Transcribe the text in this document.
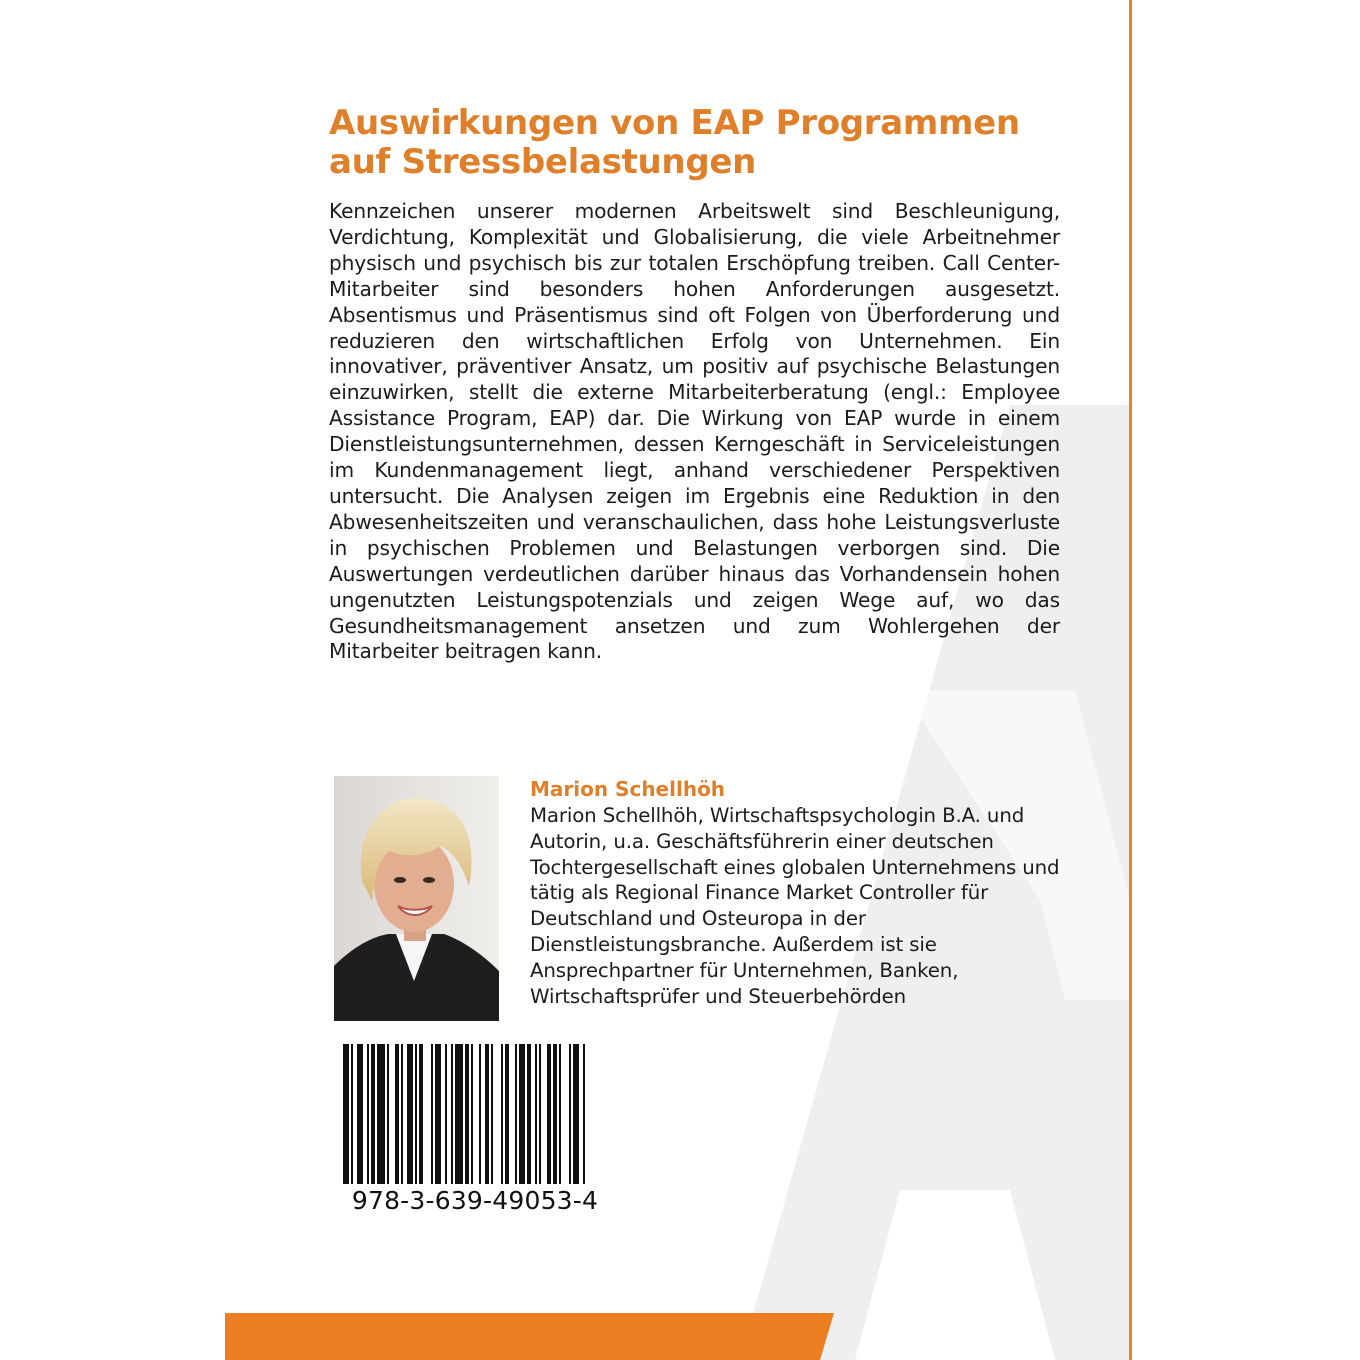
Auswirkungen von EAP Programmen
auf Stressbelastungen

Kennzeichen unserer modernen Arbeitswelt sind Beschleunigung, Verdichtung, Komplexität und Globalisierung, die viele Arbeitnehmer physisch und psychisch bis zur totalen Erschöpfung treiben. Call Center-Mitarbeiter sind besonders hohen Anforderungen ausgesetzt. Absentismus und Präsentismus sind oft Folgen von Überforderung und reduzieren den wirtschaftlichen Erfolg von Unternehmen. Ein innovativer, präventiver Ansatz, um positiv auf psychische Belastungen einzuwirken, stellt die externe Mitarbeiterberatung (engl.: Employee Assistance Program, EAP) dar. Die Wirkung von EAP wurde in einem Dienstleistungsunternehmen, dessen Kerngeschäft in Serviceleistungen im Kundenmanagement liegt, anhand verschiedener Perspektiven untersucht. Die Analysen zeigen im Ergebnis eine Reduktion in den Abwesenheitszeiten und veranschaulichen, dass hohe Leistungsverluste in psychischen Problemen und Belastungen verborgen sind. Die Auswertungen verdeutlichen darüber hinaus das Vorhandensein hohen ungenutzten Leistungspotenzials und zeigen Wege auf, wo das Gesundheitsmanagement ansetzen und zum Wohlergehen der Mitarbeiter beitragen kann.

Marion Schellhöh

Marion Schellhöh, Wirtschaftspsychologin B.A. und Autorin, u.a. Geschäftsführerin einer deutschen Tochtergesellschaft eines globalen Unternehmens und tätig als Regional Finance Market Controller für Deutschland und Osteuropa in der Dienstleistungsbranche. Außerdem ist sie Ansprechpartner für Unternehmen, Banken, Wirtschaftsprüfer und Steuerbehörden

978-3-639-49053-4
